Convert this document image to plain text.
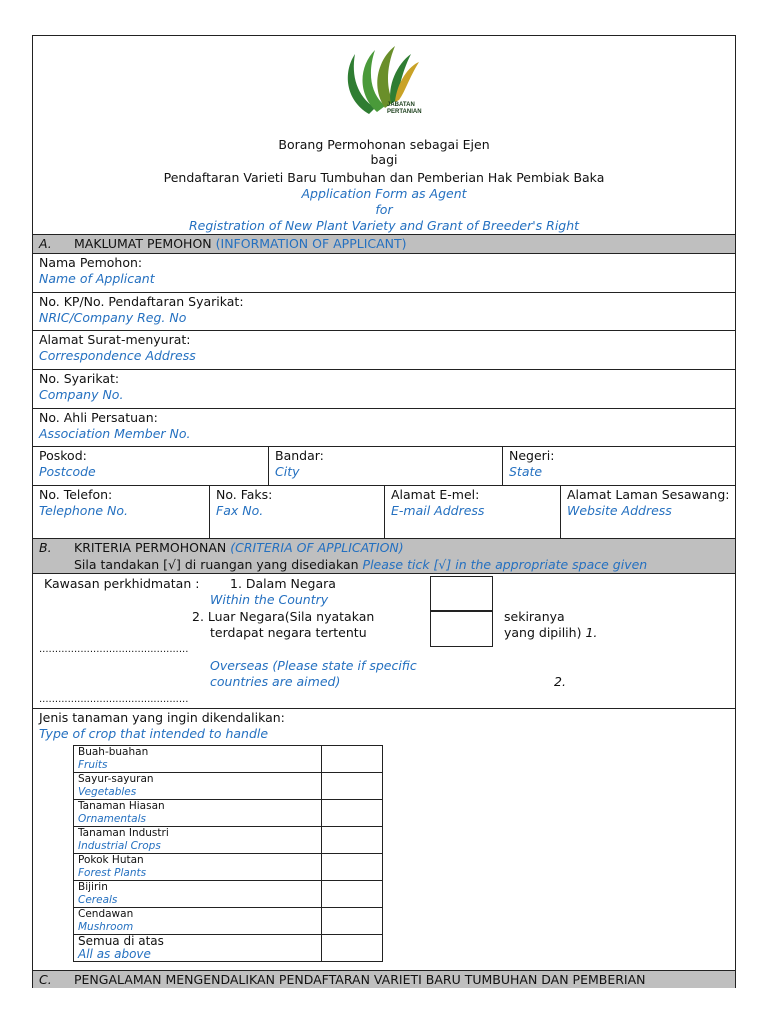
JABATAN
PERTANIAN
Borang Permohonan sebagai Ejen
bagi
Pendaftaran Varieti Baru Tumbuhan dan Pemberian Hak Pembiak Baka
Application Form as Agent
for
Registration of New Plant Variety and Grant of Breeder's Right
A. MAKLUMAT PEMOHON (INFORMATION OF APPLICANT)
Nama Pemohon:
Name of Applicant
No. KP/No. Pendaftaran Syarikat:
NRIC/Company Reg. No
Alamat Surat-menyurat:
Correspondence Address
No. Syarikat:
Company No.
No. Ahli Persatuan:
Association Member No.
Poskod:
Postcode
Bandar:
City
Negeri:
State
No. Telefon:
Telephone No.
No. Faks:
Fax No.
Alamat E-mel:
E-mail Address
Alamat Laman Sesawang:
Website Address
B. KRITERIA PERMOHONAN (CRITERIA OF APPLICATION)
Sila tandakan [√] di ruangan yang disediakan Please tick [√] in the appropriate space given
Kawasan perkhidmatan : 1. Dalam Negara
Within the Country
2. Luar Negara(Sila nyatakan
terdapat negara tertentu
sekiranya
yang dipilih) 1.
...............................................
Overseas (Please state if specific
countries are aimed)	2.
...............................................
Jenis tanaman yang ingin dikendalikan:
Type of crop that intended to handle
Buah-buahan
Fruits	

Sayur-sayuran
Vegetables	

Tanaman Hiasan
Ornamentals	

Tanaman Industri
Industrial Crops	

Pokok Hutan
Forest Plants	

Bijirin
Cereals	

Cendawan
Mushroom	

Semua di atas
All as above	

C. PENGALAMAN MENGENDALIKAN PENDAFTARAN VARIETI BARU TUMBUHAN DAN PEMBERIAN
